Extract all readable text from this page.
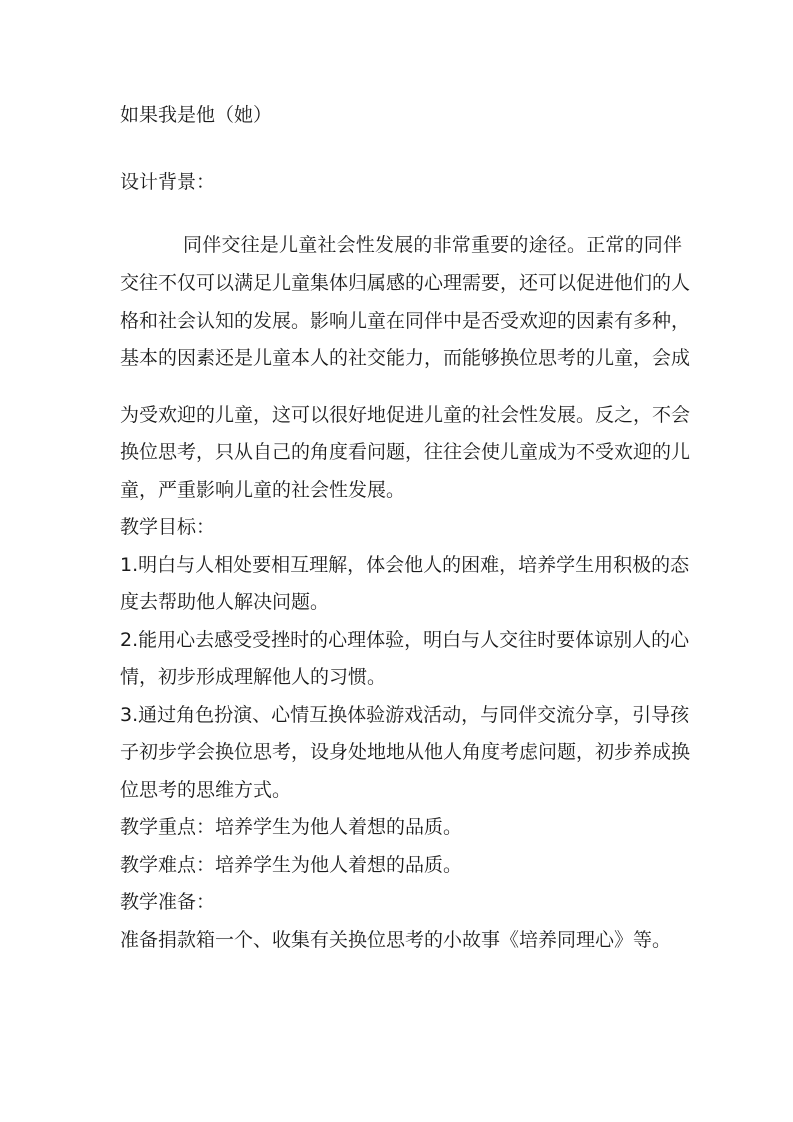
如果我是他（她）
设计背景：
同伴交往是儿童社会性发展的非常重要的途径。正常的同伴
交往不仅可以满足儿童集体归属感的心理需要，还可以促进他们的人
格和社会认知的发展。影响儿童在同伴中是否受欢迎的因素有多种，
基本的因素还是儿童本人的社交能力，而能够换位思考的儿童，会成
为受欢迎的儿童，这可以很好地促进儿童的社会性发展。反之，不会
换位思考，只从自己的角度看问题，往往会使儿童成为不受欢迎的儿
童，严重影响儿童的社会性发展。
教学目标：
1.明白与人相处要相互理解，体会他人的困难，培养学生用积极的态
度去帮助他人解决问题。
2.能用心去感受受挫时的心理体验，明白与人交往时要体谅别人的心
情，初步形成理解他人的习惯。
3.通过角色扮演、心情互换体验游戏活动，与同伴交流分享，引导孩
子初步学会换位思考，设身处地地从他人角度考虑问题，初步养成换
位思考的思维方式。
教学重点：培养学生为他人着想的品质。
教学难点：培养学生为他人着想的品质。
教学准备：
准备捐款箱一个、收集有关换位思考的小故事《培养同理心》等。
